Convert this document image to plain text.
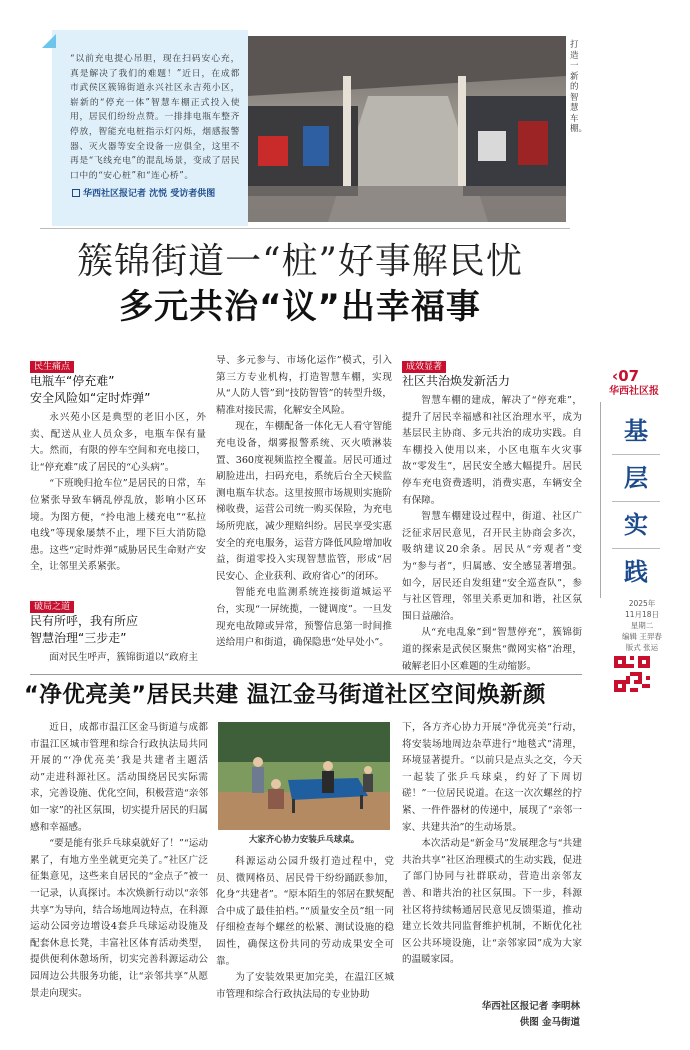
“以前充电提心吊胆，现在扫码安心充，真是解决了我们的难题！”近日，在成都市武侯区簇锦街道永兴社区永吉苑小区，崭新的“停充一体”智慧车棚正式投入使用，居民们纷纷点赞。一排排电瓶车整齐停放，智能充电桩指示灯闪烁，烟感报警器、灭火器等安全设备一应俱全，这里不再是“飞线充电”的混乱场景，变成了居民口中的“安心桩”和“连心桥”。
华西社区报记者 沈悦 受访者供图
打造一新的智慧车棚。
簇锦街道一“桩”好事解民忧
多元共治“议”出幸福事
民生痛点
电瓶车“停充难”
安全风险如“定时炸弹”

永兴苑小区是典型的老旧小区，外卖、配送从业人员众多，电瓶车保有量大。然而，有限的停车空间和充电接口，让“停充难”成了居民的“心头病”。

“下班晚归抢车位”是居民的日常，车位紧张导致车辆乱停乱放，影响小区环境。为图方便，“拎电池上楼充电”“私拉电线”等现象屡禁不止，埋下巨大消防隐患。这些“定时炸弹”威胁居民生命财产安全，让邻里关系紧张。

破局之道
民有所呼，我有所应
智慧治理“三步走”

面对民生呼声，簇锦街道以“政府主

导、多元参与、市场化运作”模式，引入第三方专业机构，打造智慧车棚，实现从“人防人管”到“技防智管”的转型升级，精准对接民需，化解安全风险。

现在，车棚配备一体化无人看守智能充电设备，烟雾报警系统、灭火喷淋装置、360度视频监控全覆盖。居民可通过刷脸进出，扫码充电，系统后台全天候监测电瓶车状态。这里按照市场规则实施阶梯收费，运营公司统一购买保险，为充电场所兜底，减少理赔纠纷。居民享受实惠安全的充电服务，运营方降低风险增加收益，街道零投入实现智慧监管，形成“居民安心、企业获利、政府省心”的闭环。

智能充电监测系统连接街道城运平台，实现“一屏统揽，一键调度”。一旦发现充电故障或异常，预警信息第一时间推送给用户和街道，确保隐患“处早处小”。

成效显著
社区共治焕发新活力

智慧车棚的建成，解决了“停充难”，提升了居民幸福感和社区治理水平，成为基层民主协商、多元共治的成功实践。自车棚投入使用以来，小区电瓶车火灾事故“零发生”，居民安全感大幅提升。居民停车充电资费透明，消费实惠，车辆安全有保障。

智慧车棚建设过程中，街道、社区广泛征求居民意见，召开民主协商会多次，吸纳建议20余条。居民从“旁观者”变为“参与者”，归属感、安全感显著增强。如今，居民还自发组建“安全巡查队”，参与社区管理，邻里关系更加和谐，社区氛围日益融洽。

从“充电乱象”到“智慧停充”，簇锦街道的探索是武侯区聚焦“微网实格”治理，破解老旧小区难题的生动缩影。

‹07
华西社区报
基
层
实
践
2025年
11月18日
星期二
编辑 王羿春
版式 张运
“净优亮美”居民共建 温江金马街道社区空间焕新颜

近日，成都市温江区金马街道与成都市温江区城市管理和综合行政执法局共同开展的“‘净优亮美’我是共建者主题活动”走进科源社区。活动围绕居民实际需求，完善设施、优化空间，积极营造“亲邻如一家”的社区氛围，切实提升居民的归属感和幸福感。

“要是能有张乒乓球桌就好了！”“运动累了，有地方坐坐就更完美了。”社区广泛征集意见，这些来自居民的“金点子”被一一记录，认真探讨。本次焕新行动以“亲邻共享”为导向，结合场地周边特点，在科源运动公园旁边增设4套乒乓球运动设施及配套休息长凳，丰富社区体育活动类型，提供便利休憩场所，切实完善科源运动公园周边公共服务功能，让“亲邻共享”从愿景走向现实。

大家齐心协力安装乒乓球桌。

科源运动公园升级打造过程中，党员、微网格员、居民骨干纷纷踊跃参加，化身“共建者”。“原本陌生的邻居在默契配合中成了最佳拍档。”“质量安全员”组一同仔细检查每个螺丝的松紧、测试设施的稳固性，确保这份共同的劳动成果安全可靠。

为了安装效果更加完美，在温江区城市管理和综合行政执法局的专业协助

下，各方齐心协力开展“净优亮美”行动，将安装场地周边杂草进行“地毯式”清理，环境显著提升。“以前只是点头之交，今天一起装了张乒乓球桌，约好了下周切磋！”一位居民说道。在这一次次螺丝的拧紧、一件件器材的传递中，展现了“亲邻一家、共建共治”的生动场景。

本次活动是“新金马”发展理念与“共建共治共享”社区治理模式的生动实践，促进了部门协同与社群联动，营造出亲邻友善、和谐共治的社区氛围。下一步，科源社区将持续畅通居民意见反馈渠道，推动建立长效共同监督维护机制，不断优化社区公共环境设施，让“亲邻家园”成为大家的温暖家园。

华西社区报记者 李明林
供图 金马街道
